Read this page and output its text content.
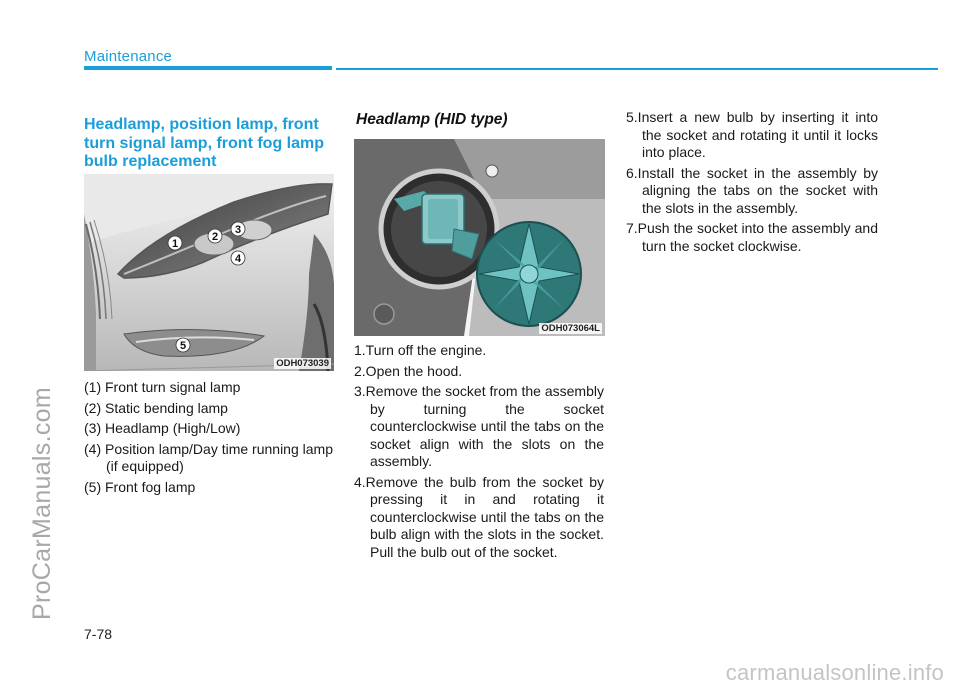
Maintenance
ProCarManuals.com
Headlamp, position lamp, front turn signal lamp, front fog lamp bulb replacement
1
2
3
4
5
ODH073039
(1) Front turn signal lamp
(2) Static bending lamp
(3) Headlamp (High/Low)
(4) Position lamp/Day time running lamp (if equipped)
(5) Front fog lamp
Headlamp (HID type)
ODH073064L
1.Turn off the engine.
2.Open the hood.
3.Remove the socket from the assembly by turning the socket counterclockwise until the tabs on the socket align with the slots on the assembly.
4.Remove the bulb from the socket by pressing it in and rotating it counterclockwise until the tabs on the bulb align with the slots in the socket. Pull the bulb out of the socket.
5.Insert a new bulb by inserting it into the socket and rotating it until it locks into place.
6.Install the socket in the assembly by aligning the tabs on the socket with the slots in the assembly.
7.Push the socket into the assembly and turn the socket clockwise.
7-78
carmanualsonline.info
